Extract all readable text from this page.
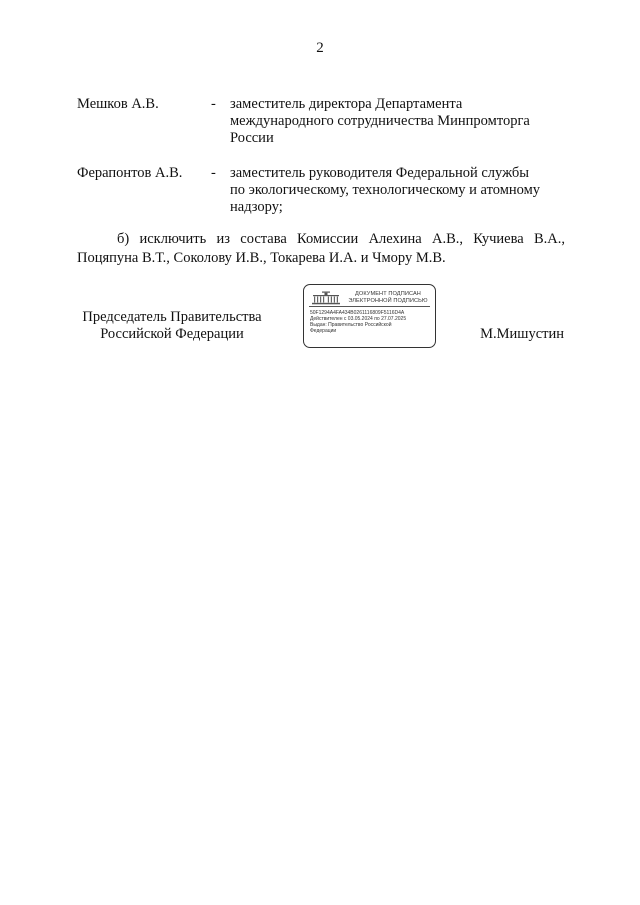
2
Мешков А.В.	- заместитель директора Департамента
международного сотрудничества Минпромторга
России
Ферапонтов А.В. - заместитель руководителя Федеральной службы
по экологическому, технологическому и атомному
надзору;
б) исключить из состава Комиссии Алехина А.В., Кучиева В.А.,
Поцяпуна В.Т., Соколову И.В., Токарева И.А. и Чмору М.В.
Председатель Правительства
Российской Федерации
ДОКУМЕНТ ПОДПИСАН
ЭЛЕКТРОННОЙ ПОДПИСЬЮ
50F1294A4FA434B0261116809F5116D4A
Действителен с 03.05.2024 по 27.07.2025
Выдан: Правительство Российской
Федерации	М.Мишустин
